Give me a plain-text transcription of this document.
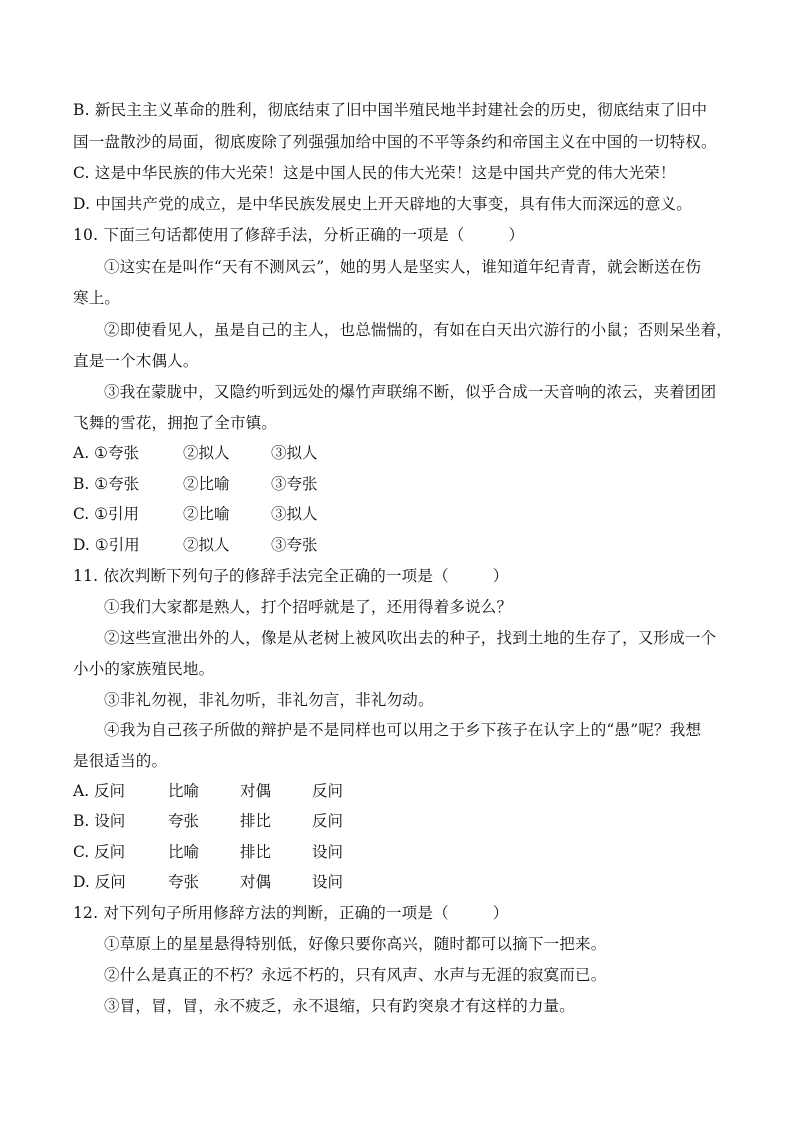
B. 新民主主义革命的胜利，彻底结束了旧中国半殖民地半封建社会的历史，彻底结束了旧中
国一盘散沙的局面，彻底废除了列强强加给中国的不平等条约和帝国主义在中国的一切特权。
C. 这是中华民族的伟大光荣！这是中国人民的伟大光荣！这是中国共产党的伟大光荣！
D. 中国共产党的成立，是中华民族发展史上开天辟地的大事变，具有伟大而深远的意义。
10. 下面三句话都使用了修辞手法，分析正确的一项是（	）
①这实在是叫作“天有不测风云”，她的男人是坚实人，谁知道年纪青青，就会断送在伤
寒上。
②即使看见人，虽是自己的主人，也总惴惴的，有如在白天出穴游行的小鼠；否则呆坐着，
直是一个木偶人。
③我在蒙胧中，又隐约听到远处的爆竹声联绵不断，似乎合成一天音响的浓云，夹着团团
飞舞的雪花，拥抱了全市镇。
A. ①夸张	②拟人	③拟人
B. ①夸张	②比喻	③夸张
C. ①引用	②比喻	③拟人
D. ①引用	②拟人	③夸张
11. 依次判断下列句子的修辞手法完全正确的一项是（	）
①我们大家都是熟人，打个招呼就是了，还用得着多说么？
②这些宣泄出外的人，像是从老树上被风吹出去的种子，找到土地的生存了，又形成一个
小小的家族殖民地。
③非礼勿视，非礼勿听，非礼勿言，非礼勿动。
④我为自己孩子所做的辩护是不是同样也可以用之于乡下孩子在认字上的“愚”呢？我想
是很适当的。
A. 反问	比喻	对偶	反问
B. 设问	夸张	排比	反问
C. 反问	比喻	排比	设问
D. 反问	夸张	对偶	设问
12. 对下列句子所用修辞方法的判断，正确的一项是（	）
①草原上的星星悬得特别低，好像只要你高兴，随时都可以摘下一把来。
②什么是真正的不朽？永远不朽的，只有风声、水声与无涯的寂寞而已。
③冒，冒，冒，永不疲乏，永不退缩，只有趵突泉才有这样的力量。
